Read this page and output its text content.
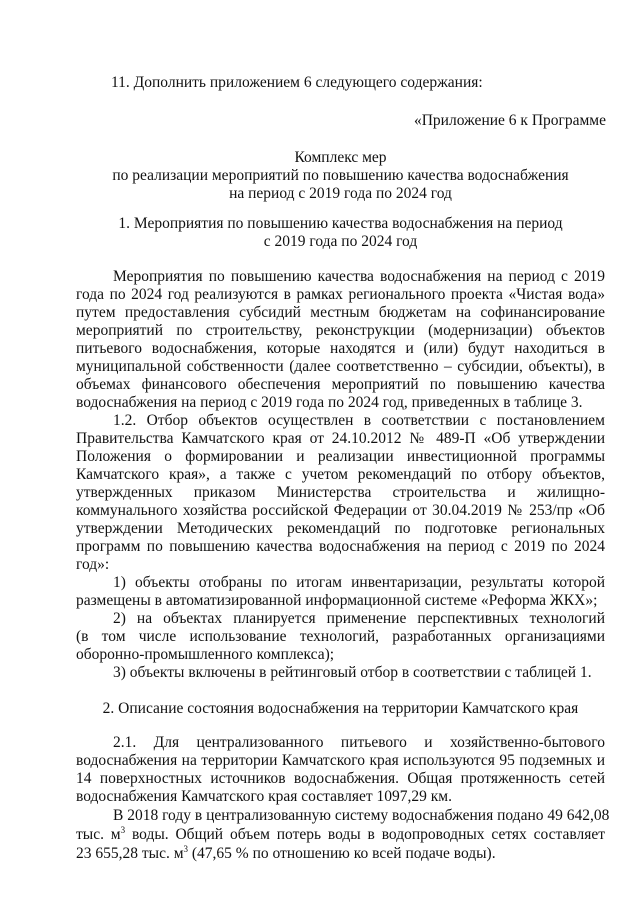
11. Дополнить приложением 6 следующего содержания:
«Приложение 6 к Программе
Комплекс мер
по реализации мероприятий по повышению качества водоснабжения
на период с 2019 года по 2024 год
1. Мероприятия по повышению качества водоснабжения на период
с 2019 года по 2024 год
Мероприятия по повышению качества водоснабжения на период с 2019
года по 2024 год реализуются в рамках регионального проекта «Чистая вода»
путем предоставления субсидий местным бюджетам на софинансирование
мероприятий по строительству, реконструкции (модернизации) объектов
питьевого водоснабжения, которые находятся и (или) будут находиться в
муниципальной собственности (далее соответственно – субсидии, объекты), в
объемах финансового обеспечения мероприятий по повышению качества
водоснабжения на период с 2019 года по 2024 год, приведенных в таблице 3.
1.2. Отбор объектов осуществлен в соответствии с постановлением
Правительства Камчатского края от 24.10.2012 № 489-П «Об утверждении
Положения о формировании и реализации инвестиционной программы
Камчатского края», а также с учетом рекомендаций по отбору объектов,
утвержденных приказом Министерства строительства и жилищно-
коммунального хозяйства российской Федерации от 30.04.2019 № 253/пр «Об
утверждении Методических рекомендаций по подготовке региональных
программ по повышению качества водоснабжения на период с 2019 по 2024
год»:
1) объекты отобраны по итогам инвентаризации, результаты которой
размещены в автоматизированной информационной системе «Реформа ЖКХ»;
2) на объектах планируется применение перспективных технологий
(в том числе использование технологий, разработанных организациями
оборонно-промышленного комплекса);
3) объекты включены в рейтинговый отбор в соответствии с таблицей 1.
2. Описание состояния водоснабжения на территории Камчатского края
2.1. Для централизованного питьевого и хозяйственно-бытового
водоснабжения на территории Камчатского края используются 95 подземных и
14 поверхностных источников водоснабжения. Общая протяженность сетей
водоснабжения Камчатского края составляет 1097,29 км.
В 2018 году в централизованную систему водоснабжения подано 49 642,08
тыс. $м^3$ воды. Общий объем потерь воды в водопроводных сетях составляет
23 655,28 тыс. $м^3$ (47,65 % по отношению ко всей подаче воды).
